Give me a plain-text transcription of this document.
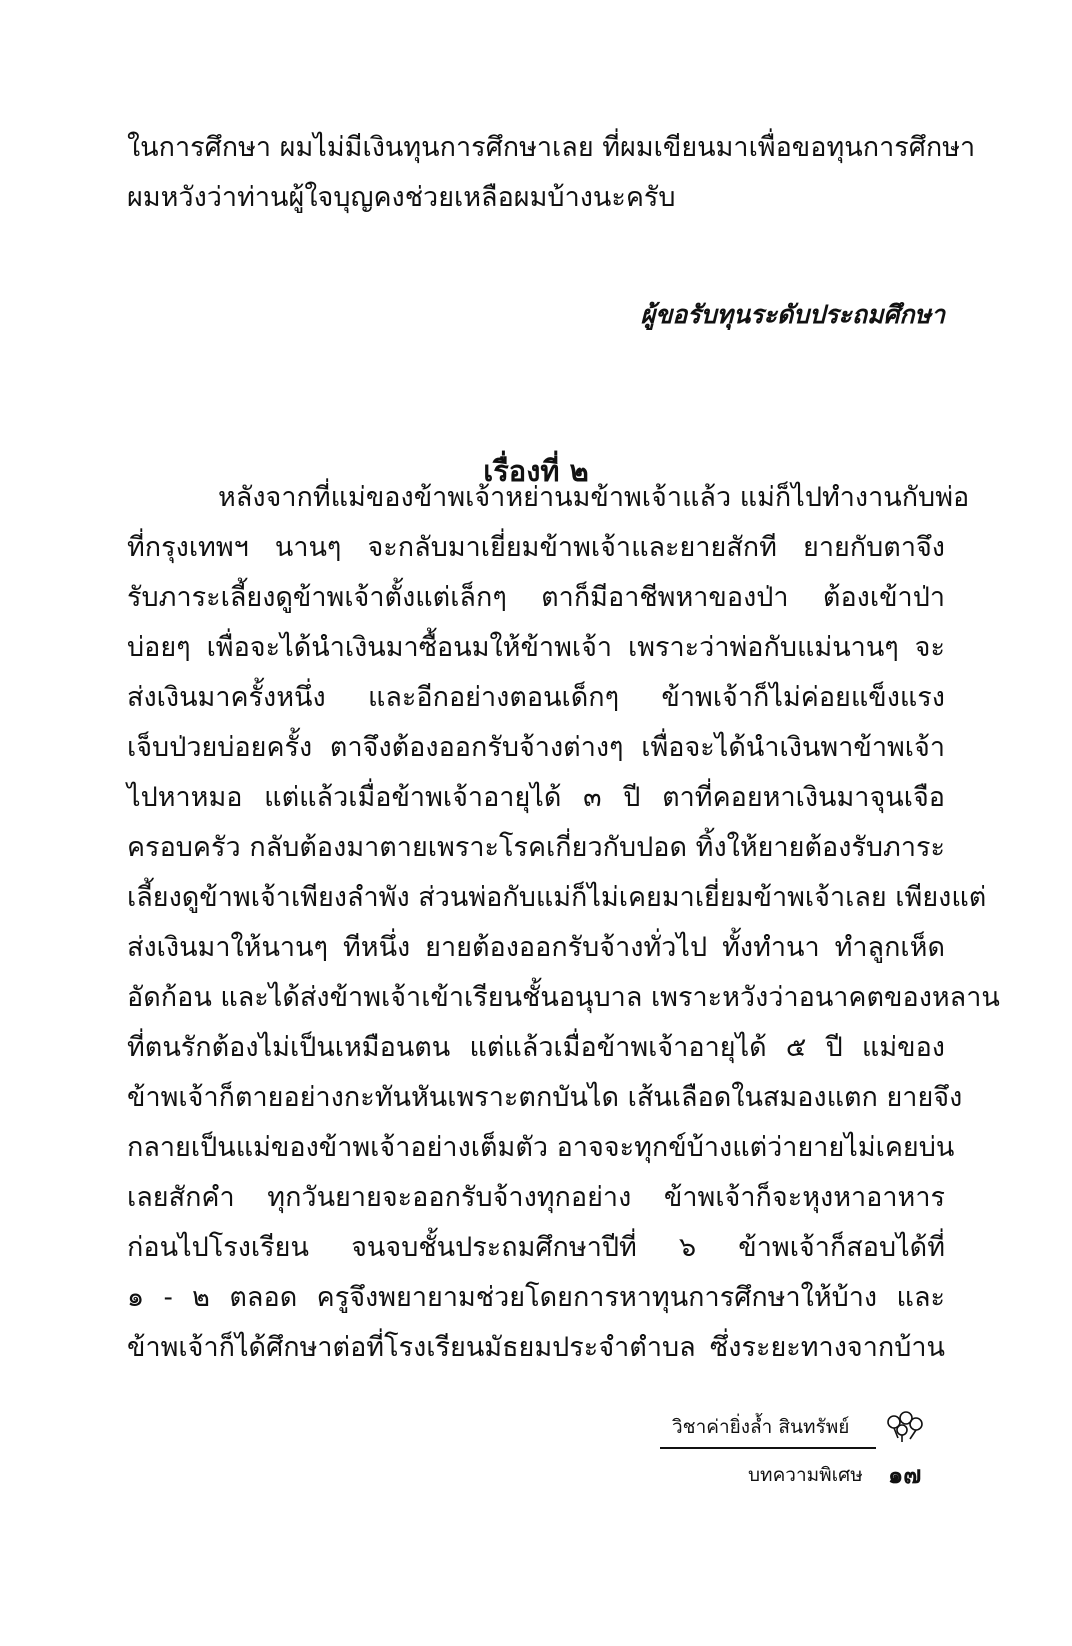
ในการศึกษา ผมไม่มีเงินทุนการศึกษาเลย ที่ผมเขียนมาเพื่อขอทุนการศึกษา
ผมหวังว่าท่านผู้ใจบุญคงช่วยเหลือผมบ้างนะครับ
ผู้ขอรับทุนระดับประถมศึกษา
เรื่องที่ ๒
หลังจากที่แม่ของข้าพเจ้าหย่านมข้าพเจ้าแล้ว แม่ก็ไปทำงานกับพ่อ
ที่กรุงเทพฯ นานๆ จะกลับมาเยี่ยมข้าพเจ้าและยายสักที ยายกับตาจึง
รับภาระเลี้ยงดูข้าพเจ้าตั้งแต่เล็กๆ ตาก็มีอาชีพหาของป่า ต้องเข้าป่า
บ่อยๆ เพื่อจะได้นำเงินมาซื้อนมให้ข้าพเจ้า เพราะว่าพ่อกับแม่นานๆ จะ
ส่งเงินมาครั้งหนึ่ง และอีกอย่างตอนเด็กๆ ข้าพเจ้าก็ไม่ค่อยแข็งแรง
เจ็บป่วยบ่อยครั้ง ตาจึงต้องออกรับจ้างต่างๆ เพื่อจะได้นำเงินพาข้าพเจ้า
ไปหาหมอ แต่แล้วเมื่อข้าพเจ้าอายุได้ ๓ ปี ตาที่คอยหาเงินมาจุนเจือ
ครอบครัว กลับต้องมาตายเพราะโรคเกี่ยวกับปอด ทิ้งให้ยายต้องรับภาระ
เลี้ยงดูข้าพเจ้าเพียงลำพัง ส่วนพ่อกับแม่ก็ไม่เคยมาเยี่ยมข้าพเจ้าเลย เพียงแต่
ส่งเงินมาให้นานๆ ทีหนึ่ง ยายต้องออกรับจ้างทั่วไป ทั้งทำนา ทำลูกเห็ด
อัดก้อน และได้ส่งข้าพเจ้าเข้าเรียนชั้นอนุบาล เพราะหวังว่าอนาคตของหลาน
ที่ตนรักต้องไม่เป็นเหมือนตน แต่แล้วเมื่อข้าพเจ้าอายุได้ ๕ ปี แม่ของ
ข้าพเจ้าก็ตายอย่างกะทันหันเพราะตกบันได เส้นเลือดในสมองแตก ยายจึง
กลายเป็นแม่ของข้าพเจ้าอย่างเต็มตัว อาจจะทุกข์บ้างแต่ว่ายายไม่เคยบ่น
เลยสักคำ ทุกวันยายจะออกรับจ้างทุกอย่าง ข้าพเจ้าก็จะหุงหาอาหาร
ก่อนไปโรงเรียน จนจบชั้นประถมศึกษาปีที่ ๖ ข้าพเจ้าก็สอบได้ที่
๑ - ๒ ตลอด ครูจึงพยายามช่วยโดยการหาทุนการศึกษาให้บ้าง และ
ข้าพเจ้าก็ได้ศึกษาต่อที่โรงเรียนมัธยมประจำตำบล ซึ่งระยะทางจากบ้าน
วิชาค่ายิ่งล้ำ สินทรัพย์
บทความพิเศษ ๑๗
